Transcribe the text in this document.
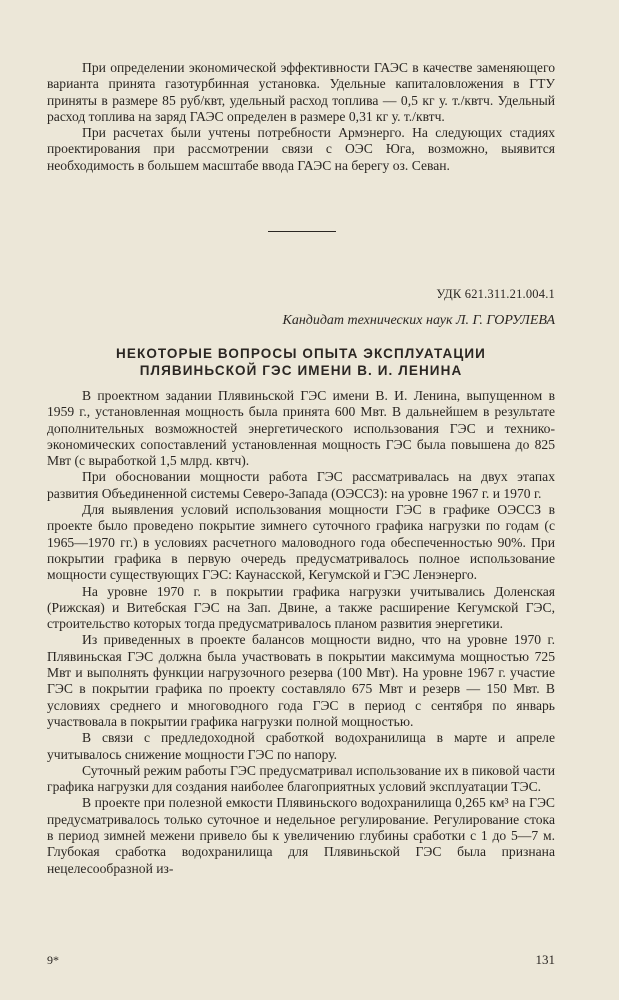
При определении экономической эффективности ГАЭС в качестве заменяющего варианта принята газотурбинная установка. Удельные капиталовложения в ГТУ приняты в размере 85 руб/квт, удельный расход топлива — 0,5 кг у. т./квтч. Удельный расход топлива на заряд ГАЭС определен в размере 0,31 кг у. т./квтч.

При расчетах были учтены потребности Армэнерго. На следующих стадиях проектирования при рассмотрении связи с ОЭС Юга, возможно, выявится необходимость в большем масштабе ввода ГАЭС на берегу оз. Севан.

УДК 621.311.21.004.1
Кандидат технических наук Л. Г. ГОРУЛЕВА
НЕКОТОРЫЕ ВОПРОСЫ ОПЫТА ЭКСПЛУАТАЦИИ
ПЛЯВИНЬСКОЙ ГЭС ИМЕНИ В. И. ЛЕНИНА

В проектном задании Плявиньской ГЭС имени В. И. Ленина, выпущенном в 1959 г., установленная мощность была принята 600 Мвт. В дальнейшем в результате дополнительных возможностей энергетического использования ГЭС и технико-экономических сопоставлений установленная мощность ГЭС была повышена до 825 Мвт (с выработкой 1,5 млрд. квтч).

При обосновании мощности работа ГЭС рассматривалась на двух этапах развития Объединенной системы Северо-Запада (ОЭССЗ): на уровне 1967 г. и 1970 г.

Для выявления условий использования мощности ГЭС в графике ОЭССЗ в проекте было проведено покрытие зимнего суточного графика нагрузки по годам (с 1965—1970 гг.) в условиях расчетного маловодного года обеспеченностью 90%. При покрытии графика в первую очередь предусматривалось полное использование мощности существующих ГЭС: Каунасской, Кегумской и ГЭС Ленэнерго.

На уровне 1970 г. в покрытии графика нагрузки учитывались Доленская (Рижская) и Витебская ГЭС на Зап. Двине, а также расширение Кегумской ГЭС, строительство которых тогда предусматривалось планом развития энергетики.

Из приведенных в проекте балансов мощности видно, что на уровне 1970 г. Плявиньская ГЭС должна была участвовать в покрытии максимума мощностью 725 Мвт и выполнять функции нагрузочного резерва (100 Мвт). На уровне 1967 г. участие ГЭС в покрытии графика по проекту составляло 675 Мвт и резерв — 150 Мвт. В условиях среднего и многоводного года ГЭС в период с сентября по январь участвовала в покрытии графика нагрузки полной мощностью.

В связи с предледоходной сработкой водохранилища в марте и апреле учитывалось снижение мощности ГЭС по напору.

Суточный режим работы ГЭС предусматривал использование их в пиковой части графика нагрузки для создания наиболее благоприятных условий эксплуатации ТЭС.

В проекте при полезной емкости Плявиньского водохранилища 0,265 км³ на ГЭС предусматривалось только суточное и недельное регулирование. Регулирование стока в период зимней межени привело бы к увеличению глубины сработки с 1 до 5—7 м. Глубокая сработка водохранилища для Плявиньской ГЭС была признана нецелесообразной из-

9*	131
